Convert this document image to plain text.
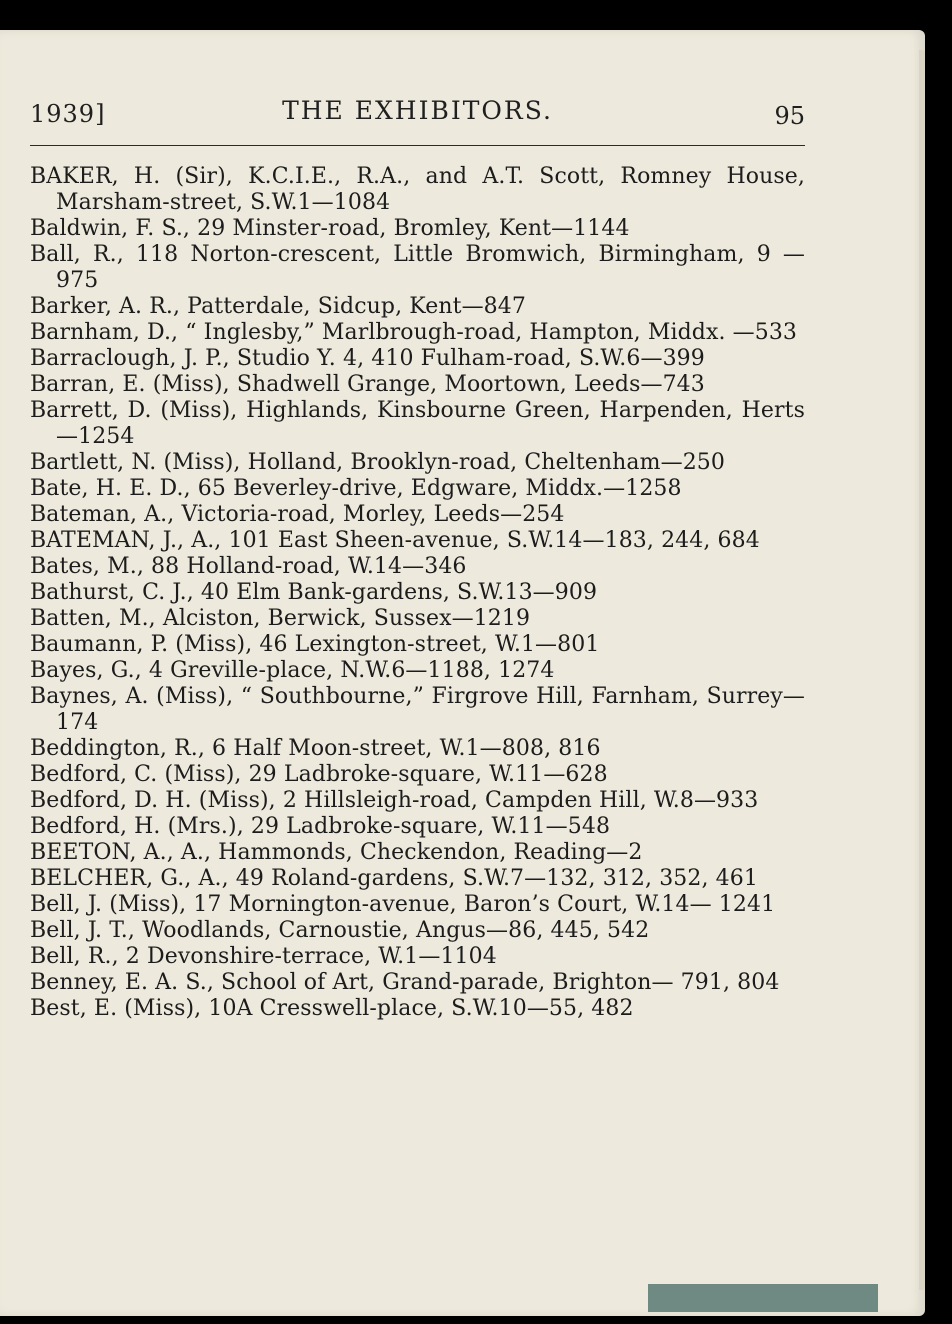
1939]	THE EXHIBITORS.	95
BAKER, H. (Sir), K.C.I.E., R.A., and A.T. Scott, Romney House, Marsham-street, S.W.1—1084
Baldwin, F. S., 29 Minster-road, Bromley, Kent—1144
Ball, R., 118 Norton-crescent, Little Bromwich, Birmingham, 9 —975
Barker, A. R., Patterdale, Sidcup, Kent—847
Barnham, D., “ Inglesby,” Marlbrough-road, Hampton, Middx. —533
Barraclough, J. P., Studio Y. 4, 410 Fulham-road, S.W.6—399
Barran, E. (Miss), Shadwell Grange, Moortown, Leeds—743
Barrett, D. (Miss), Highlands, Kinsbourne Green, Harpenden, Herts—1254
Bartlett, N. (Miss), Holland, Brooklyn-road, Cheltenham—250
Bate, H. E. D., 65 Beverley-drive, Edgware, Middx.—1258
Bateman, A., Victoria-road, Morley, Leeds—254
BATEMAN, J., A., 101 East Sheen-avenue, S.W.14—183, 244, 684
Bates, M., 88 Holland-road, W.14—346
Bathurst, C. J., 40 Elm Bank-gardens, S.W.13—909
Batten, M., Alciston, Berwick, Sussex—1219
Baumann, P. (Miss), 46 Lexington-street, W.1—801
Bayes, G., 4 Greville-place, N.W.6—1188, 1274
Baynes, A. (Miss), “ Southbourne,” Firgrove Hill, Farnham, Surrey—174
Beddington, R., 6 Half Moon-street, W.1—808, 816
Bedford, C. (Miss), 29 Ladbroke-square, W.11—628
Bedford, D. H. (Miss), 2 Hillsleigh-road, Campden Hill, W.8—933
Bedford, H. (Mrs.), 29 Ladbroke-square, W.11—548
BEETON, A., A., Hammonds, Checkendon, Reading—2
BELCHER, G., A., 49 Roland-gardens, S.W.7—132, 312, 352, 461
Bell, J. (Miss), 17 Mornington-avenue, Baron’s Court, W.14— 1241
Bell, J. T., Woodlands, Carnoustie, Angus—86, 445, 542
Bell, R., 2 Devonshire-terrace, W.1—1104
Benney, E. A. S., School of Art, Grand-parade, Brighton— 791, 804
Best, E. (Miss), 10A Cresswell-place, S.W.10—55, 482
